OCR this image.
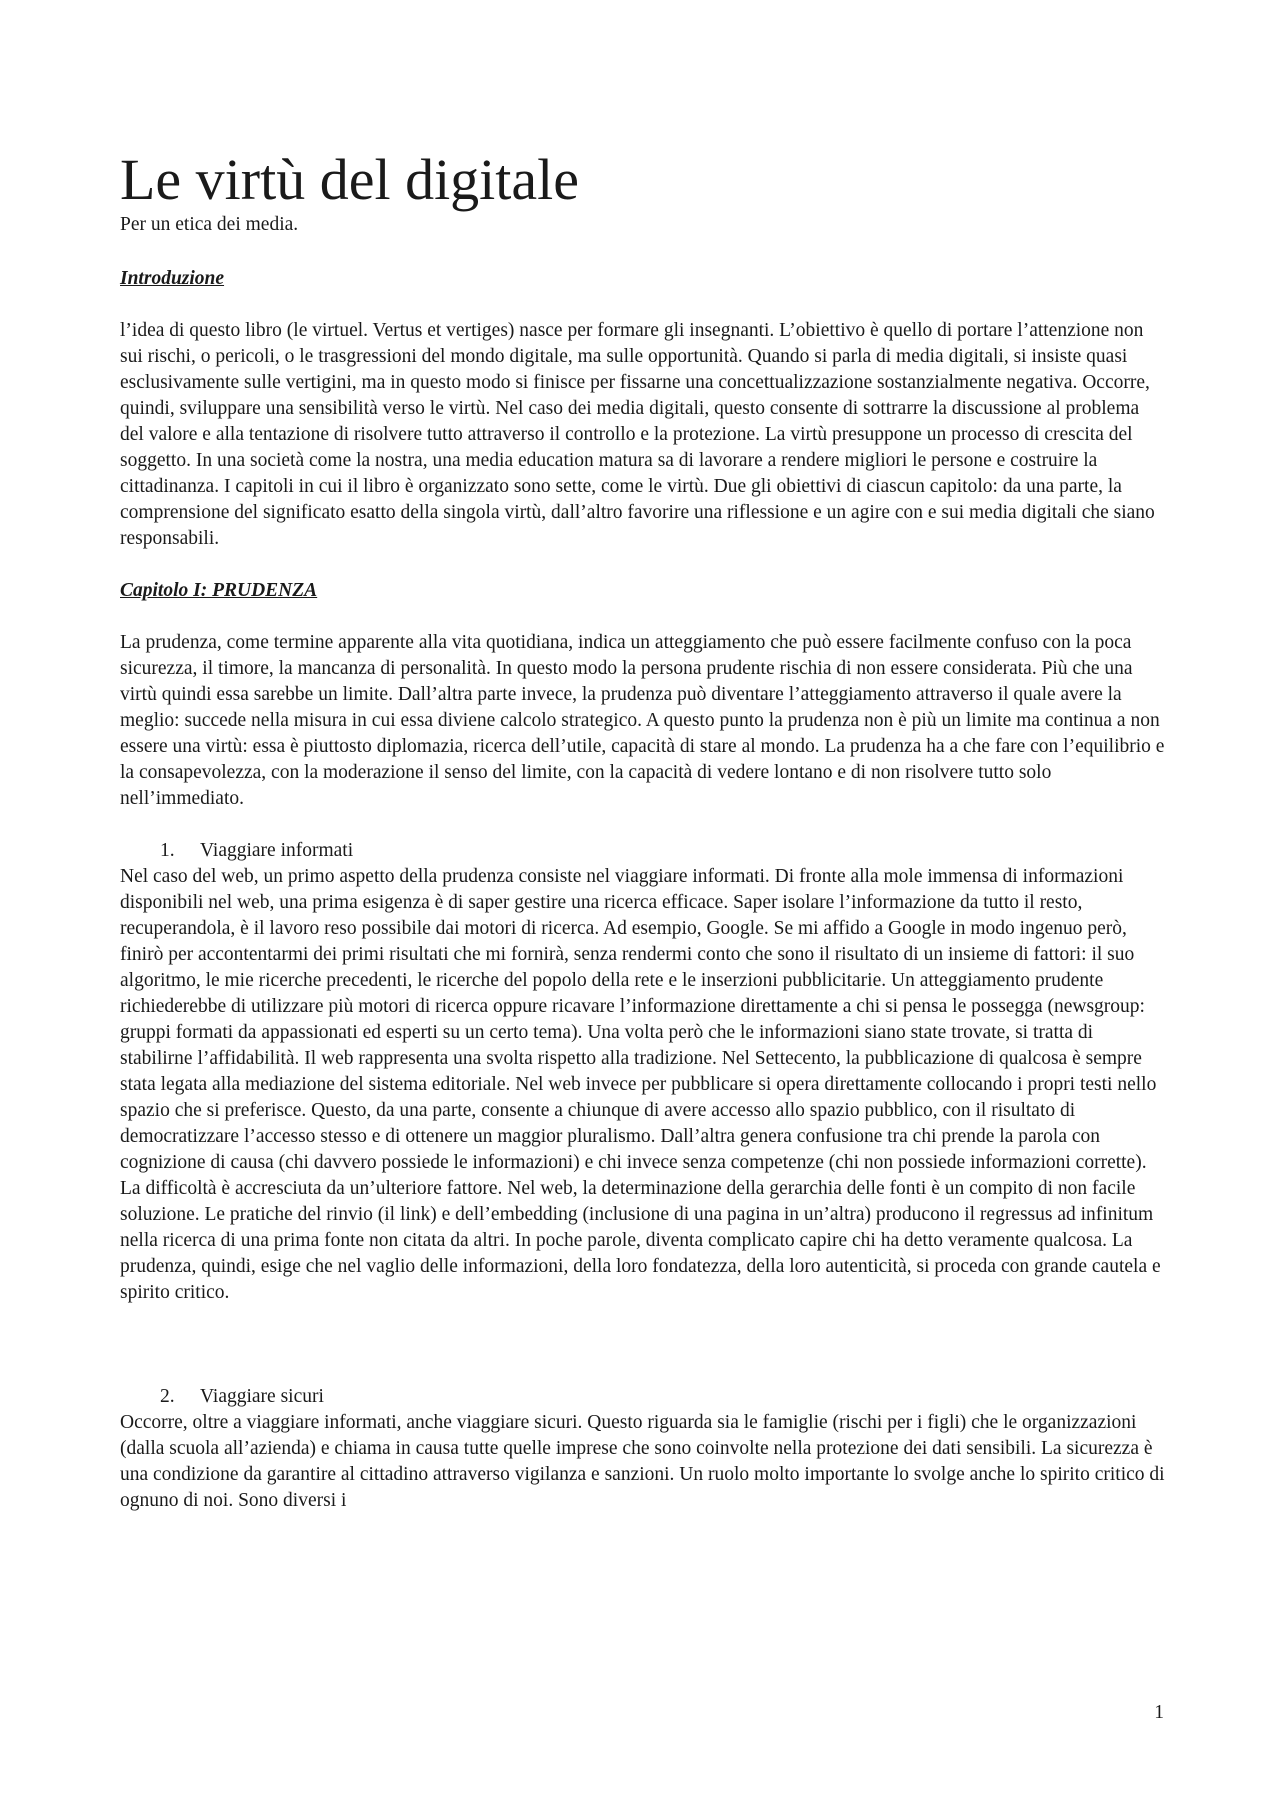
Le virtù del digitale
Per un etica dei media.
Introduzione

l’idea di questo libro (le virtuel. Vertus et vertiges) nasce per formare gli insegnanti. L’obiettivo è quello di portare l’attenzione non sui rischi, o pericoli, o le trasgressioni del mondo digitale, ma sulle opportunità. Quando si parla di media digitali, si insiste quasi esclusivamente sulle vertigini, ma in questo modo si finisce per fissarne una concettualizzazione sostanzialmente negativa. Occorre, quindi, sviluppare una sensibilità verso le virtù. Nel caso dei media digitali, questo consente di sottrarre la discussione al problema del valore e alla tentazione di risolvere tutto attraverso il controllo e la protezione. La virtù presuppone un processo di crescita del soggetto. In una società come la nostra, una media education matura sa di lavorare a rendere migliori le persone e costruire la cittadinanza. I capitoli in cui il libro è organizzato sono sette, come le virtù. Due gli obiettivi di ciascun capitolo: da una parte, la comprensione del significato esatto della singola virtù, dall’altro favorire una riflessione e un agire con e sui media digitali che siano responsabili.

Capitolo I: PRUDENZA

La prudenza, come termine apparente alla vita quotidiana, indica un atteggiamento che può essere facilmente confuso con la poca sicurezza, il timore, la mancanza di personalità. In questo modo la persona prudente rischia di non essere considerata. Più che una virtù quindi essa sarebbe un limite. Dall’altra parte invece, la prudenza può diventare l’atteggiamento attraverso il quale avere la meglio: succede nella misura in cui essa diviene calcolo strategico. A questo punto la prudenza non è più un limite ma continua a non essere una virtù: essa è piuttosto diplomazia, ricerca dell’utile, capacità di stare al mondo. La prudenza ha a che fare con l’equilibrio e la consapevolezza, con la moderazione il senso del limite, con la capacità di vedere lontano e di non risolvere tutto solo nell’immediato.

1. Viaggiare informati

Nel caso del web, un primo aspetto della prudenza consiste nel viaggiare informati. Di fronte alla mole immensa di informazioni disponibili nel web, una prima esigenza è di saper gestire una ricerca efficace. Saper isolare l’informazione da tutto il resto, recuperandola, è il lavoro reso possibile dai motori di ricerca. Ad esempio, Google. Se mi affido a Google in modo ingenuo però, finirò per accontentarmi dei primi risultati che mi fornirà, senza rendermi conto che sono il risultato di un insieme di fattori: il suo algoritmo, le mie ricerche precedenti, le ricerche del popolo della rete e le inserzioni pubblicitarie. Un atteggiamento prudente richiederebbe di utilizzare più motori di ricerca oppure ricavare l’informazione direttamente a chi si pensa le possegga (newsgroup: gruppi formati da appassionati ed esperti su un certo tema). Una volta però che le informazioni siano state trovate, si tratta di stabilirne l’affidabilità. Il web rappresenta una svolta rispetto alla tradizione. Nel Settecento, la pubblicazione di qualcosa è sempre stata legata alla mediazione del sistema editoriale. Nel web invece per pubblicare si opera direttamente collocando i propri testi nello spazio che si preferisce. Questo, da una parte, consente a chiunque di avere accesso allo spazio pubblico, con il risultato di democratizzare l’accesso stesso e di ottenere un maggior pluralismo. Dall’altra genera confusione tra chi prende la parola con cognizione di causa (chi davvero possiede le informazioni) e chi invece senza competenze (chi non possiede informazioni corrette). La difficoltà è accresciuta da un’ulteriore fattore. Nel web, la determinazione della gerarchia delle fonti è un compito di non facile soluzione. Le pratiche del rinvio (il link) e dell’embedding (inclusione di una pagina in un’altra) producono il regressus ad infinitum nella ricerca di una prima fonte non citata da altri. In poche parole, diventa complicato capire chi ha detto veramente qualcosa. La prudenza, quindi, esige che nel vaglio delle informazioni, della loro fondatezza, della loro autenticità, si proceda con grande cautela e spirito critico.

2. Viaggiare sicuri

Occorre, oltre a viaggiare informati, anche viaggiare sicuri. Questo riguarda sia le famiglie (rischi per i figli) che le organizzazioni (dalla scuola all’azienda) e chiama in causa tutte quelle imprese che sono coinvolte nella protezione dei dati sensibili. La sicurezza è una condizione da garantire al cittadino attraverso vigilanza e sanzioni. Un ruolo molto importante lo svolge anche lo spirito critico di ognuno di noi. Sono diversi i

1
